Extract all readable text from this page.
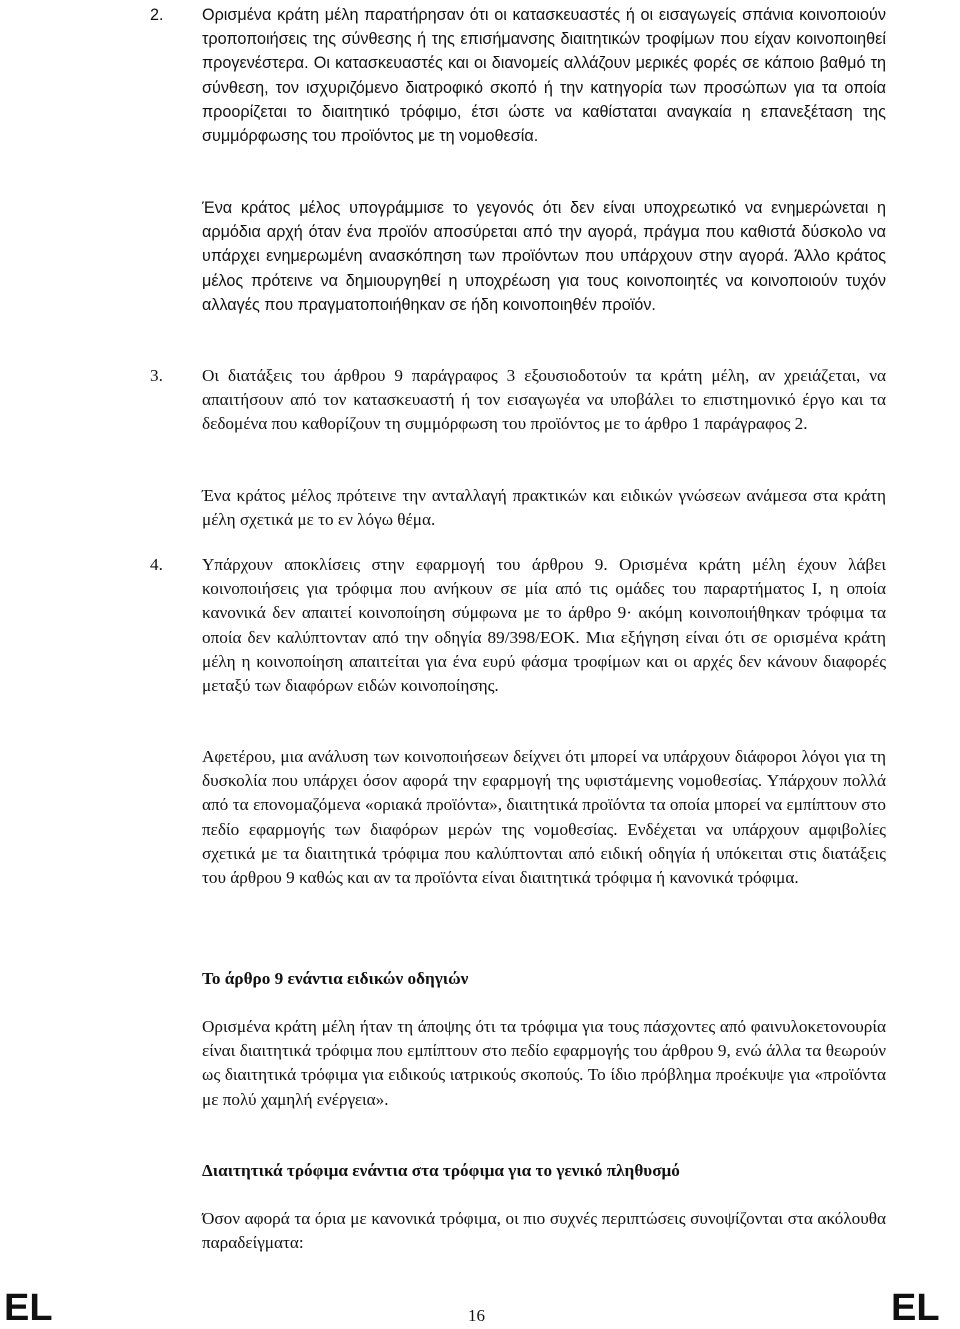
2. Ορισμένα κράτη μέλη παρατήρησαν ότι οι κατασκευαστές ή οι εισαγωγείς σπάνια κοινοποιούν τροποποιήσεις της σύνθεσης ή της επισήμανσης διαιτητικών τροφίμων που είχαν κοινοποιηθεί προγενέστερα. Οι κατασκευαστές και οι διανομείς αλλάζουν μερικές φορές σε κάποιο βαθμό τη σύνθεση, τον ισχυριζόμενο διατροφικό σκοπό ή την κατηγορία των προσώπων για τα οποία προορίζεται το διαιτητικό τρόφιμο, έτσι ώστε να καθίσταται αναγκαία η επανεξέταση της συμμόρφωσης του προϊόντος με τη νομοθεσία.

Ένα κράτος μέλος υπογράμμισε το γεγονός ότι δεν είναι υποχρεωτικό να ενημερώνεται η αρμόδια αρχή όταν ένα προϊόν αποσύρεται από την αγορά, πράγμα που καθιστά δύσκολο να υπάρχει ενημερωμένη ανασκόπηση των προϊόντων που υπάρχουν στην αγορά. Άλλο κράτος μέλος πρότεινε να δημιουργηθεί η υποχρέωση για τους κοινοποιητές να κοινοποιούν τυχόν αλλαγές που πραγματοποιήθηκαν σε ήδη κοινοποιηθέν προϊόν.

3. Οι διατάξεις του άρθρου 9 παράγραφος 3 εξουσιοδοτούν τα κράτη μέλη, αν χρειάζεται, να απαιτήσουν από τον κατασκευαστή ή τον εισαγωγέα να υποβάλει το επιστημονικό έργο και τα δεδομένα που καθορίζουν τη συμμόρφωση του προϊόντος με το άρθρο 1 παράγραφος 2.

Ένα κράτος μέλος πρότεινε την ανταλλαγή πρακτικών και ειδικών γνώσεων ανάμεσα στα κράτη μέλη σχετικά με το εν λόγω θέμα.

4. Υπάρχουν αποκλίσεις στην εφαρμογή του άρθρου 9. Ορισμένα κράτη μέλη έχουν λάβει κοινοποιήσεις για τρόφιμα που ανήκουν σε μία από τις ομάδες του παραρτήματος Ι, η οποία κανονικά δεν απαιτεί κοινοποίηση σύμφωνα με το άρθρο 9· ακόμη κοινοποιήθηκαν τρόφιμα τα οποία δεν καλύπτονταν από την οδηγία 89/398/ΕΟΚ. Μια εξήγηση είναι ότι σε ορισμένα κράτη μέλη η κοινοποίηση απαιτείται για ένα ευρύ φάσμα τροφίμων και οι αρχές δεν κάνουν διαφορές μεταξύ των διαφόρων ειδών κοινοποίησης.

Αφετέρου, μια ανάλυση των κοινοποιήσεων δείχνει ότι μπορεί να υπάρχουν διάφοροι λόγοι για τη δυσκολία που υπάρχει όσον αφορά την εφαρμογή της υφιστάμενης νομοθεσίας. Υπάρχουν πολλά από τα επονομαζόμενα «οριακά προϊόντα», διαιτητικά προϊόντα τα οποία μπορεί να εμπίπτουν στο πεδίο εφαρμογής των διαφόρων μερών της νομοθεσίας. Ενδέχεται να υπάρχουν αμφιβολίες σχετικά με τα διαιτητικά τρόφιμα που καλύπτονται από ειδική οδηγία ή υπόκειται στις διατάξεις του άρθρου 9 καθώς και αν τα προϊόντα είναι διαιτητικά τρόφιμα ή κανονικά τρόφιμα.

Το άρθρο 9 ενάντια ειδικών οδηγιών

Ορισμένα κράτη μέλη ήταν τη άποψης ότι τα τρόφιμα για τους πάσχοντες από φαινυλοκετονουρία είναι διαιτητικά τρόφιμα που εμπίπτουν στο πεδίο εφαρμογής του άρθρου 9, ενώ άλλα τα θεωρούν ως διαιτητικά τρόφιμα για ειδικούς ιατρικούς σκοπούς. Το ίδιο πρόβλημα προέκυψε για «προϊόντα με πολύ χαμηλή ενέργεια».

Διαιτητικά τρόφιμα ενάντια στα τρόφιμα για το γενικό πληθυσμό

Όσον αφορά τα όρια με κανονικά τρόφιμα, οι πιο συχνές περιπτώσεις συνοψίζονται στα ακόλουθα παραδείγματα:

EL	16	EL
